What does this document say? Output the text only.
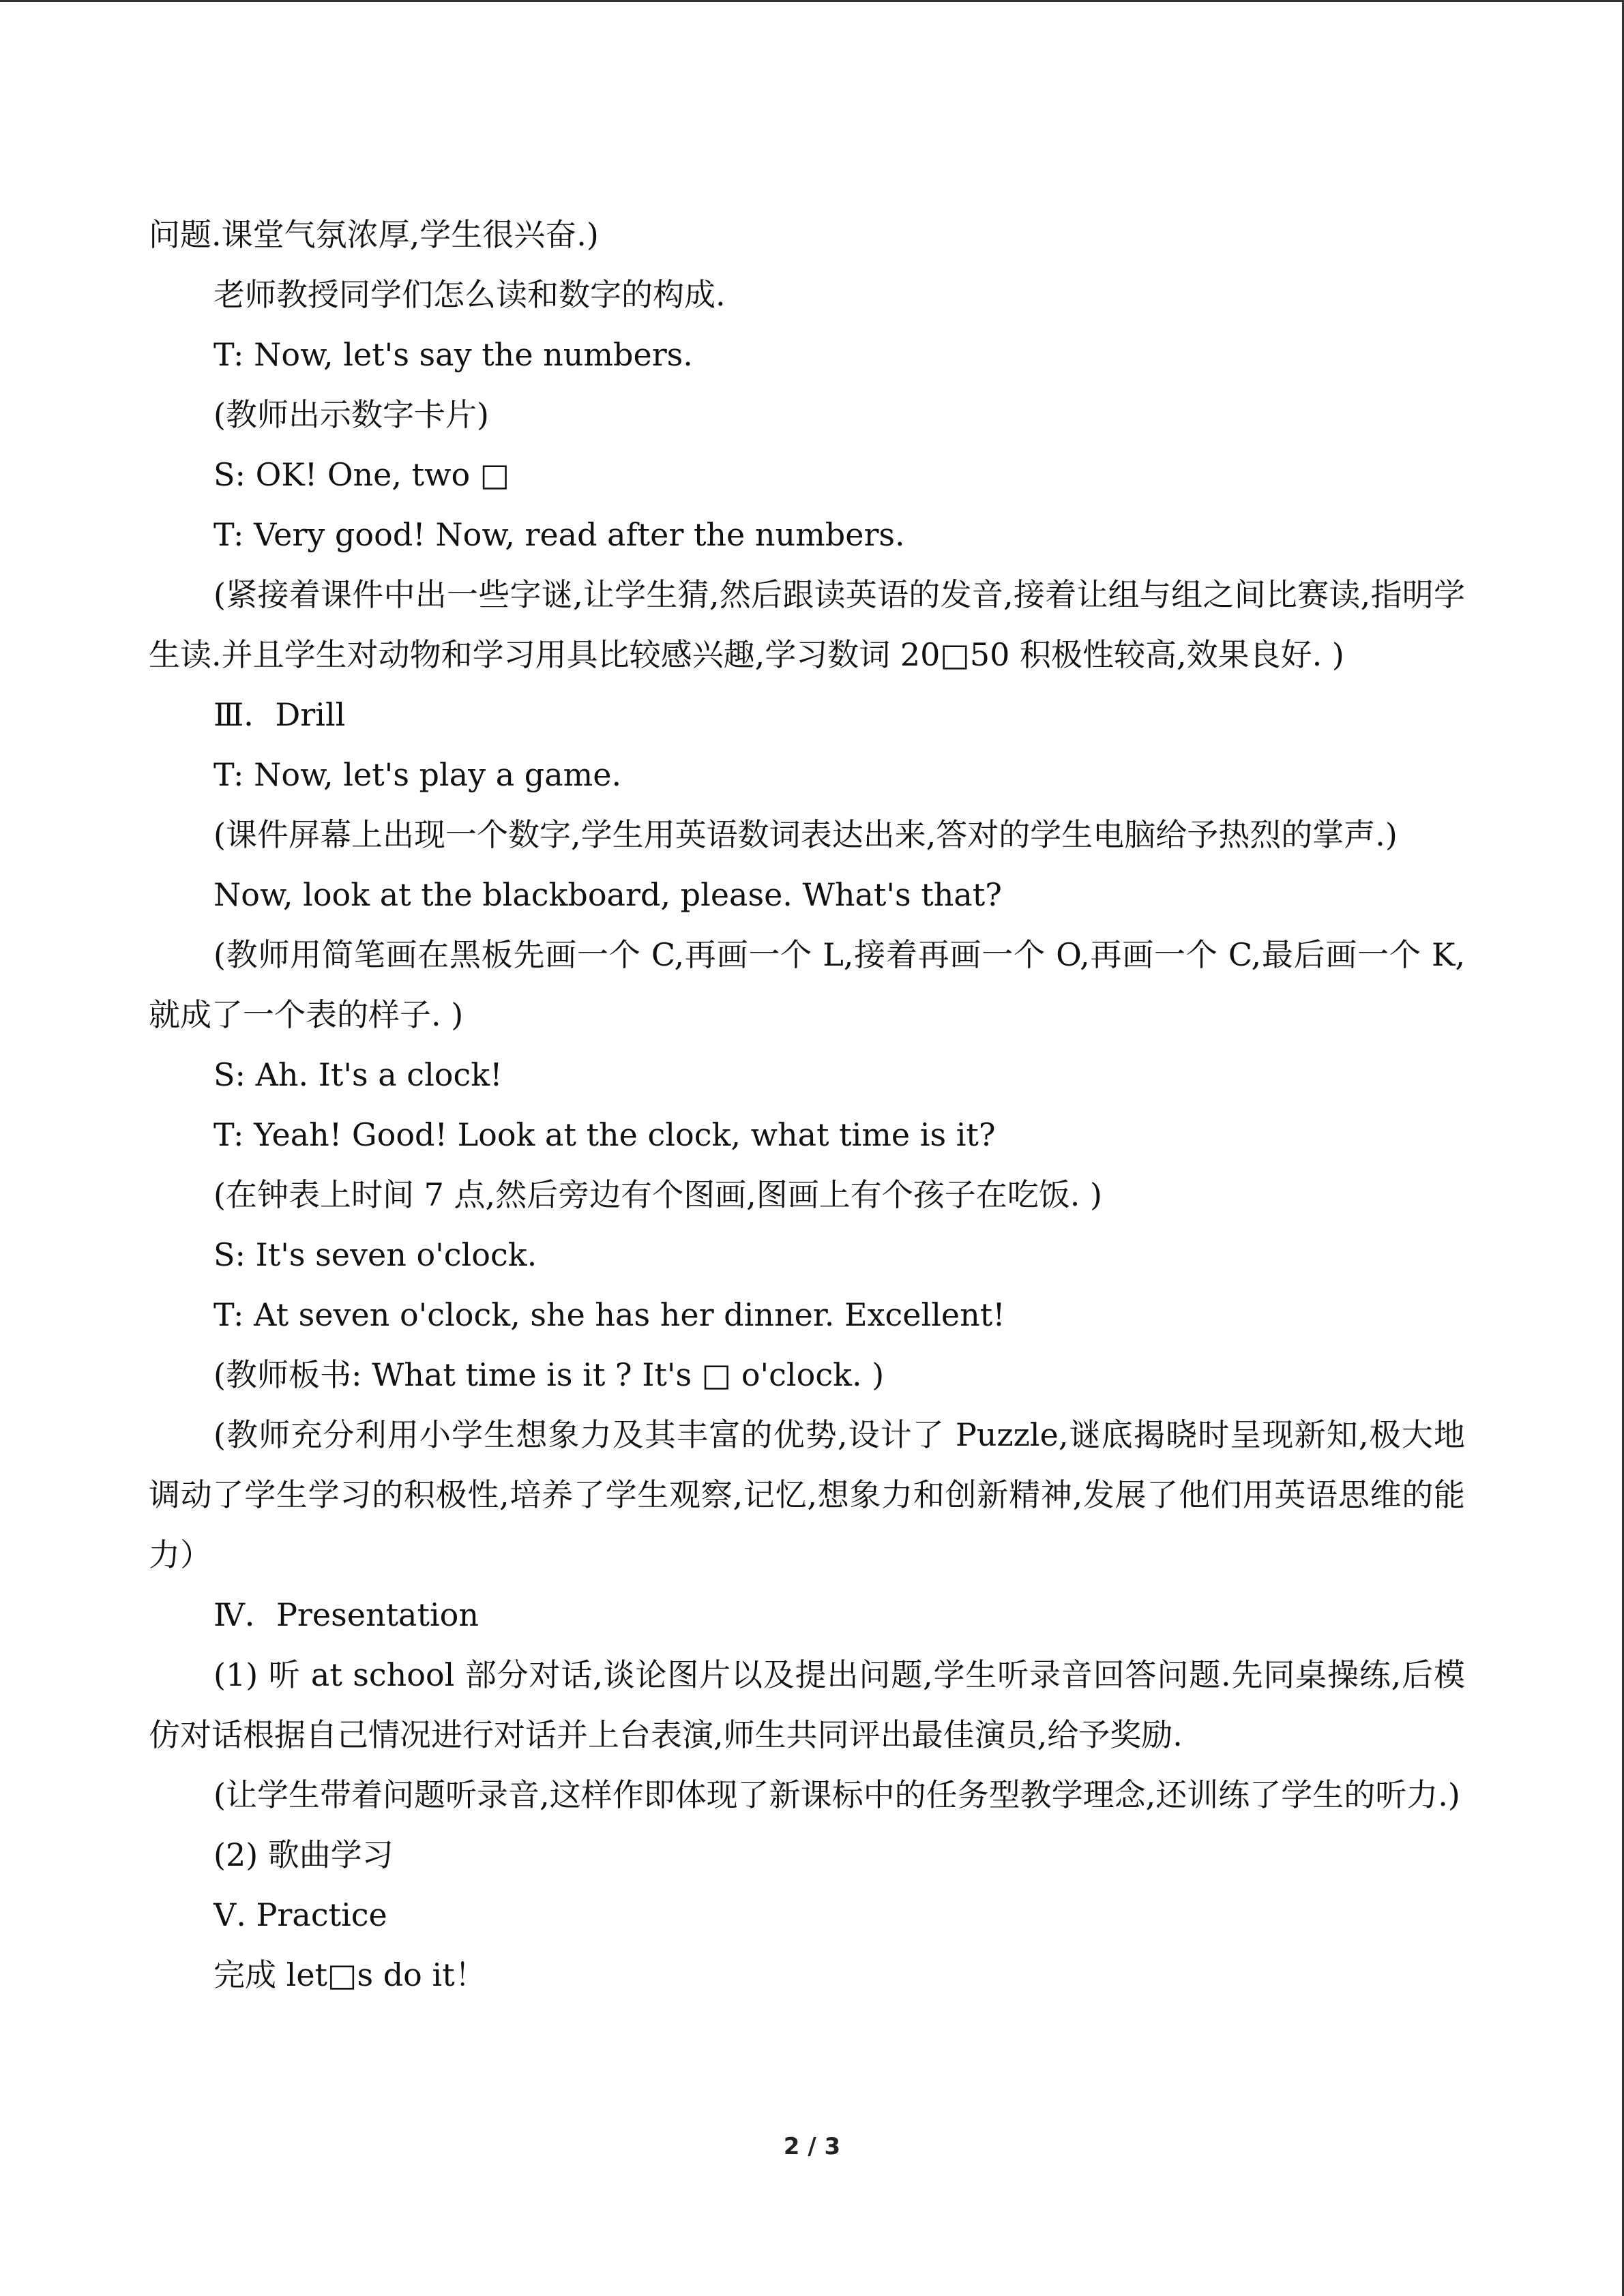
问题.课堂气氛浓厚,学生很兴奋.)

老师教授同学们怎么读和数字的构成.

T: Now, let's say the numbers.

(教师出示数字卡片)

S: OK! One, two □

T: Very good! Now, read after the numbers.

(紧接着课件中出一些字谜,让学生猜,然后跟读英语的发音,接着让组与组之间比赛读,指明学生读.并且学生对动物和学习用具比较感兴趣,学习数词 20□50 积极性较高,效果良好. )

Ⅲ．Drill

T: Now, let's play a game.

(课件屏幕上出现一个数字,学生用英语数词表达出来,答对的学生电脑给予热烈的掌声.)

Now, look at the blackboard, please. What's that?

(教师用简笔画在黑板先画一个 C,再画一个 L,接着再画一个 O,再画一个 C,最后画一个 K,就成了一个表的样子. )

S: Ah. It's a clock!

T: Yeah! Good! Look at the clock, what time is it?

(在钟表上时间 7 点,然后旁边有个图画,图画上有个孩子在吃饭. )

S: It's seven o'clock.

T: At seven o'clock, she has her dinner. Excellent!

(教师板书: What time is it ? It's □ o'clock. )

(教师充分利用小学生想象力及其丰富的优势,设计了 Puzzle,谜底揭晓时呈现新知,极大地调动了学生学习的积极性,培养了学生观察,记忆,想象力和创新精神,发展了他们用英语思维的能力）

Ⅳ．Presentation

(1) 听 at school 部分对话,谈论图片以及提出问题,学生听录音回答问题.先同桌操练,后模仿对话根据自己情况进行对话并上台表演,师生共同评出最佳演员,给予奖励.

(让学生带着问题听录音,这样作即体现了新课标中的任务型教学理念,还训练了学生的听力.)

(2) 歌曲学习

Ⅴ. Practice

完成 let□s do it！

2 / 3
